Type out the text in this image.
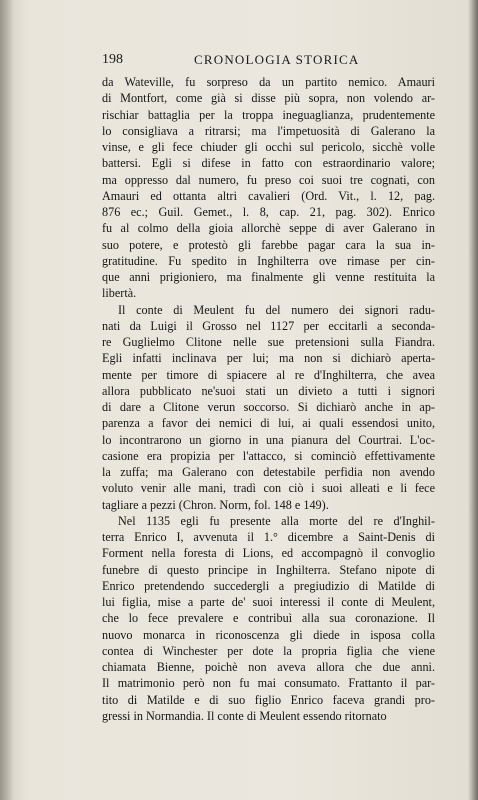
198	CRONOLOGIA STORICA
da Wateville, fu sorpreso da un partito nemico. Amauri
di Montfort, come già si disse più sopra, non volendo ar-
rischiar battaglia per la troppa ineguaglianza, prudentemente
lo consigliava a ritrarsi; ma l'impetuosità di Galerano la
vinse, e gli fece chiuder gli occhi sul pericolo, sicchè volle
battersi. Egli si difese in fatto con estraordinario valore;
ma oppresso dal numero, fu preso coi suoi tre cognati, con
Amauri ed ottanta altri cavalieri (Ord. Vit., l. 12, pag.
876 ec.; Guil. Gemet., l. 8, cap. 21, pag. 302). Enrico
fu al colmo della gioia allorchè seppe di aver Galerano in
suo potere, e protestò gli farebbe pagar cara la sua in-
gratitudine. Fu spedito in Inghilterra ove rimase per cin-
que anni prigioniero, ma finalmente gli venne restituita la
libertà.
Il conte di Meulent fu del numero dei signori radu-
nati da Luigi il Grosso nel 1127 per eccitarli a seconda-
re Guglielmo Clitone nelle sue pretensioni sulla Fiandra.
Egli infatti inclinava per lui; ma non si dichiarò aperta-
mente per timore di spiacere al re d'Inghilterra, che avea
allora pubblicato ne'suoi stati un divieto a tutti i signori
di dare a Clitone verun soccorso. Si dichiarò anche in ap-
parenza a favor dei nemici di lui, ai quali essendosi unito,
lo incontrarono un giorno in una pianura del Courtrai. L'oc-
casione era propizia per l'attacco, si cominciò effettivamente
la zuffa; ma Galerano con detestabile perfidia non avendo
voluto venir alle mani, tradì con ciò i suoi alleati e li fece
tagliare a pezzi (Chron. Norm, fol. 148 e 149).
Nel 1135 egli fu presente alla morte del re d'Inghil-
terra Enrico I, avvenuta il 1.° dicembre a Saint-Denis di
Forment nella foresta di Lions, ed accompagnò il convoglio
funebre di questo principe in Inghilterra. Stefano nipote di
Enrico pretendendo succedergli a pregiudizio di Matilde di
lui figlia, mise a parte de' suoi interessi il conte di Meulent,
che lo fece prevalere e contribuì alla sua coronazione. Il
nuovo monarca in riconoscenza gli diede in isposa colla
contea di Winchester per dote la propria figlia che viene
chiamata Bienne, poichè non aveva allora che due anni.
Il matrimonio però non fu mai consumato. Frattanto il par-
tito di Matilde e di suo figlio Enrico faceva grandi pro-
gressi in Normandia. Il conte di Meulent essendo ritornato
